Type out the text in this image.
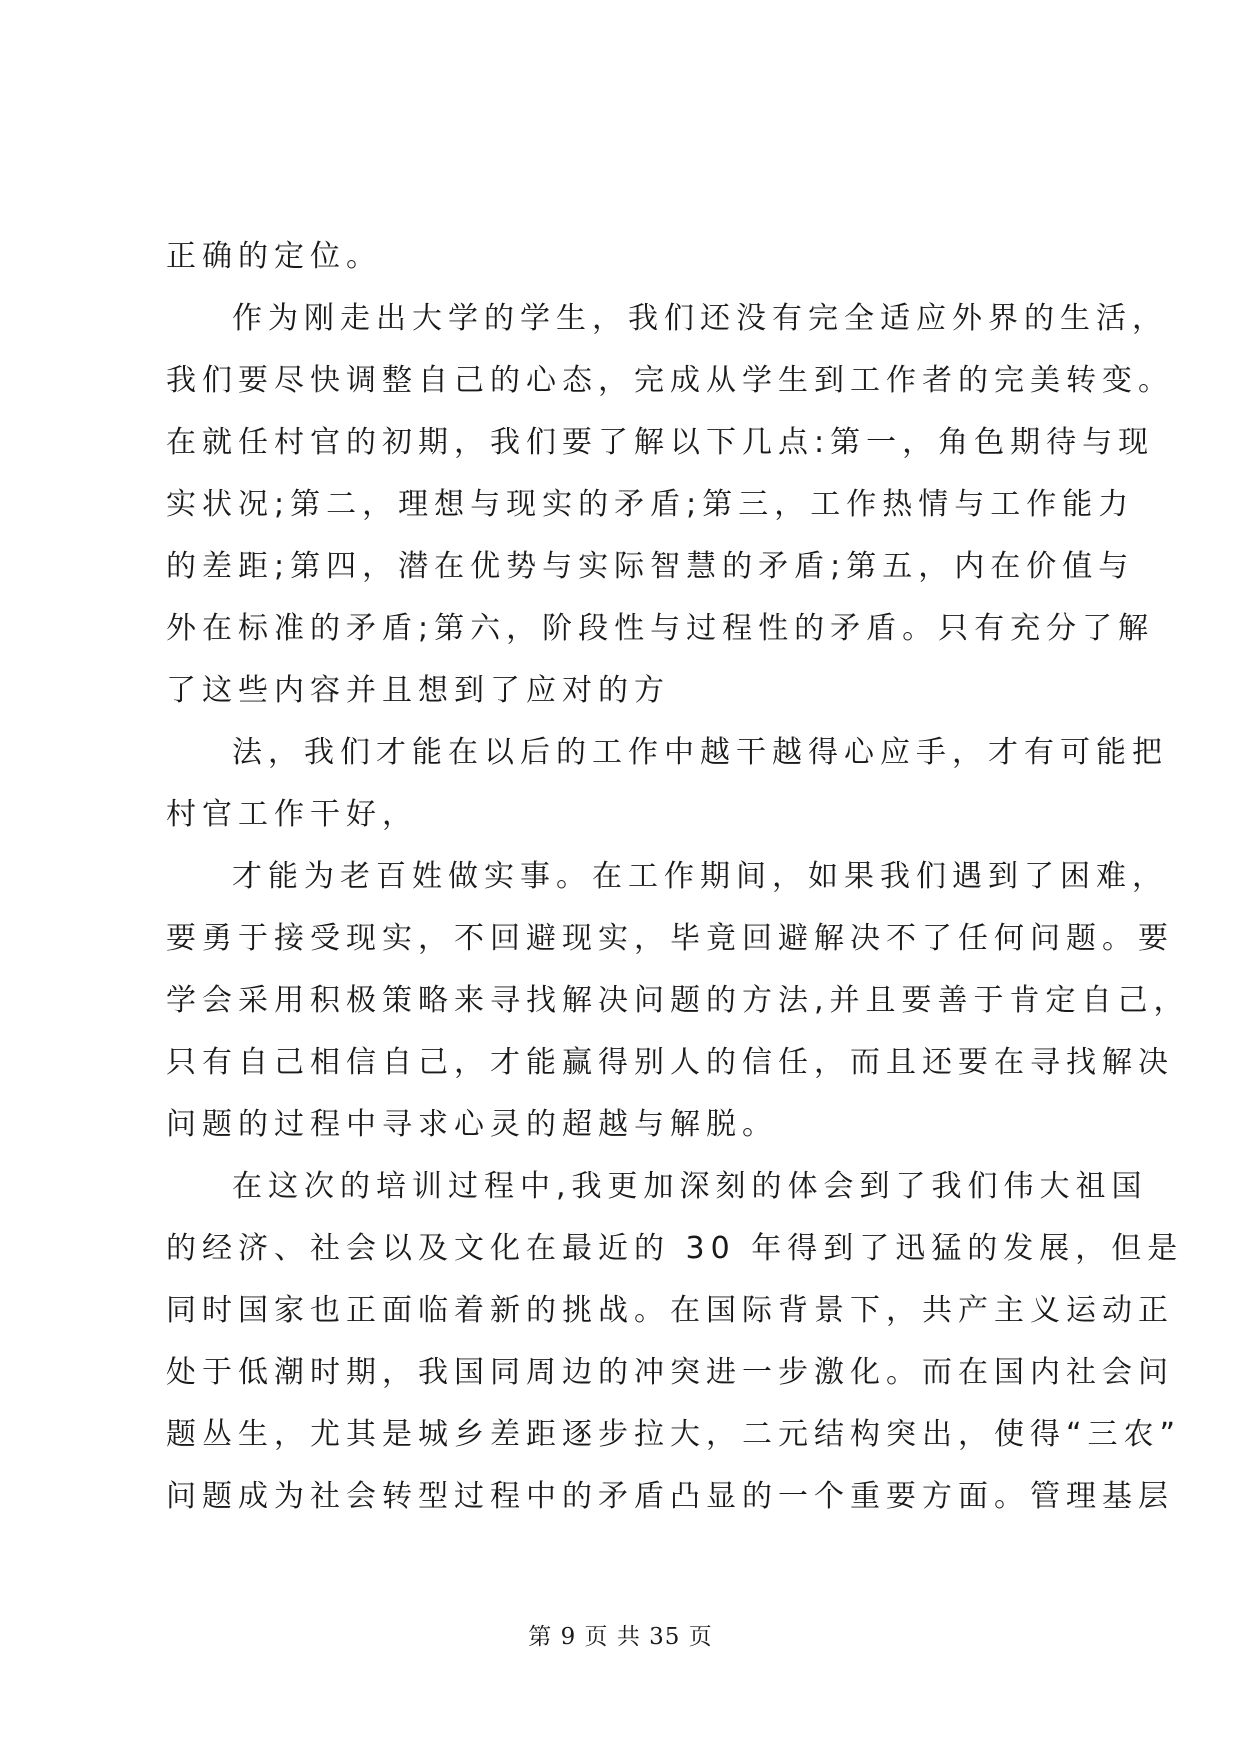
正确的定位。
作为刚走出大学的学生，我们还没有完全适应外界的生活，
我们要尽快调整自己的心态，完成从学生到工作者的完美转变。
在就任村官的初期，我们要了解以下几点:第一，角色期待与现
实状况;第二，理想与现实的矛盾;第三，工作热情与工作能力
的差距;第四，潜在优势与实际智慧的矛盾;第五，内在价值与
外在标准的矛盾;第六，阶段性与过程性的矛盾。只有充分了解
了这些内容并且想到了应对的方
法，我们才能在以后的工作中越干越得心应手，才有可能把
村官工作干好，
才能为老百姓做实事。在工作期间，如果我们遇到了困难，
要勇于接受现实，不回避现实，毕竟回避解决不了任何问题。要
学会采用积极策略来寻找解决问题的方法,并且要善于肯定自己，
只有自己相信自己，才能赢得别人的信任，而且还要在寻找解决
问题的过程中寻求心灵的超越与解脱。
在这次的培训过程中,我更加深刻的体会到了我们伟大祖国
的经济、社会以及文化在最近的 30 年得到了迅猛的发展，但是
同时国家也正面临着新的挑战。在国际背景下，共产主义运动正
处于低潮时期，我国同周边的冲突进一步激化。而在国内社会问
题丛生，尤其是城乡差距逐步拉大，二元结构突出，使得“三农”
问题成为社会转型过程中的矛盾凸显的一个重要方面。管理基层
第 9 页 共 35 页
